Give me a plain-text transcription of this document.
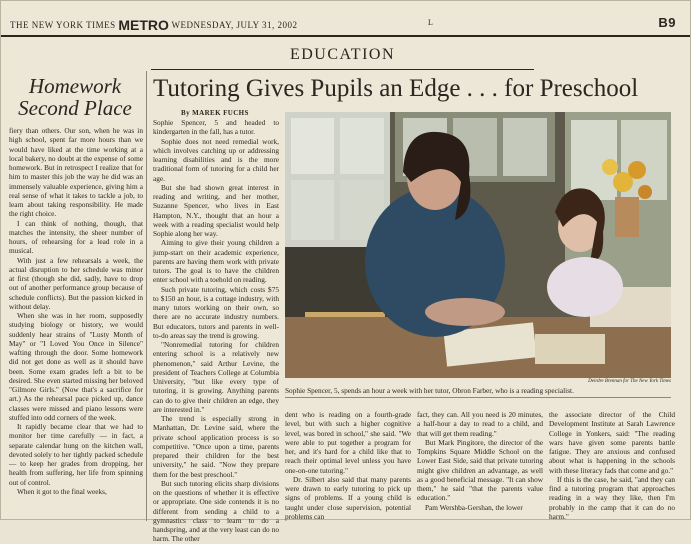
THE NEW YORK TIMES METRO WEDNESDAY, JULY 31, 2002	L	B9
EDUCATION
Homework
Second Place

fiery than others. Our son, when he was in high school, spent far more hours than we would have liked at the time working at a local bakery, no doubt at the expense of some homework. But in retrospect I realize that for him to master this job the way he did was an immensely valuable experience, giving him a real sense of what it takes to tackle a job, to learn about taking responsibility. He made the right choice.

I can think of nothing, though, that matches the intensity, the sheer number of hours, of rehearsing for a lead role in a musical.

With just a few rehearsals a week, the actual disruption to her schedule was minor at first (though she did, sadly, have to drop out of another performance group because of schedule conflicts). But the passion kicked in without delay.

When she was in her room, supposedly studying biology or history, we would suddenly hear strains of "Lusty Month of May" or "I Loved You Once in Silence" wafting through the door. Some homework did not get done as well as it should have been. Some exam grades left a bit to be desired. She even started missing her beloved "Gilmore Girls." (Now that's a sacrifice for art.) As the rehearsal pace picked up, dance classes were missed and piano lessons were stuffed into odd corners of the week.

It rapidly became clear that we had to monitor her time carefully — in fact, a separate calendar hung on the kitchen wall, devoted solely to her tightly packed schedule — to keep her grades from dropping, her health from suffering, her life from spinning out of control.

When it got to the final weeks,

Tutoring Gives Pupils an Edge . . . for Preschool
By MAREK FUCHS

Sophie Spencer, 5 and headed to kindergarten in the fall, has a tutor.

Sophie does not need remedial work, which involves catching up or addressing learning disabilities and is the more traditional form of tutoring for a child her age.

But she had shown great interest in reading and writing, and her mother, Suzanne Spencer, who lives in East Hampton, N.Y., thought that an hour a week with a reading specialist would help Sophie along her way.

Aiming to give their young children a jump-start on their academic experience, parents are having them work with private tutors. The goal is to have the children enter school with a toehold on reading.

Such private tutoring, which costs $75 to $150 an hour, is a cottage industry, with many tutors working on their own, so there are no accurate industry numbers. But educators, tutors and parents in well-to-do areas say the trend is growing.

"Nonremedial tutoring for children entering school is a relatively new phenomenon," said Arthur Levine, the president of Teachers College at Columbia University, "but like every type of tutoring, it is growing. Anything parents can do to give their children an edge, they are interested in."

The trend is especially strong in Manhattan, Dr. Levine said, where the private school application process is so competitive. "Once upon a time, parents prepared their children for the best university," he said. "Now they prepare them for the best preschool."

But such tutoring elicits sharp divisions on the questions of whether it is effective or appropriate. One side contends it is no different from sending a child to a gymnastics class to learn to do a handspring, and at the very least can do no harm. The other

Deirdre Brennan for The New York Times
Sophie Spencer, 5, spends an hour a week with her tutor, Obron Farber, who is a reading specialist.

dent who is reading on a fourth-grade level, but with such a higher cognitive level, was bored in school," she said. "We were able to put together a program for her, and it's hard for a child like that to reach their optimal level unless you have one-on-one tutoring."

Dr. Silbert also said that many parents were drawn to early tutoring to pick up signs of problems. If a young child is taught under close supervision, potential problems can

fact, they can. All you need is 20 minutes, a half-hour a day to read to a child, and that will get them reading."

But Mark Pingitore, the director of the Tompkins Square Middle School on the Lower East Side, said that private tutoring might give children an advantage, as well as a good beneficial message. "It can show them," he said "that the parents value education."

Pam Wershba-Gershan, the lower

the associate director of the Child Development Institute at Sarah Lawrence College in Yonkers, said: "The reading wars have given some parents battle fatigue. They are anxious and confused about what is happening in the schools with these literacy fads that come and go."

If this is the case, he said, "and they can find a tutoring program that approaches reading in a way they like, then I'm probably in the camp that it can do no harm."
